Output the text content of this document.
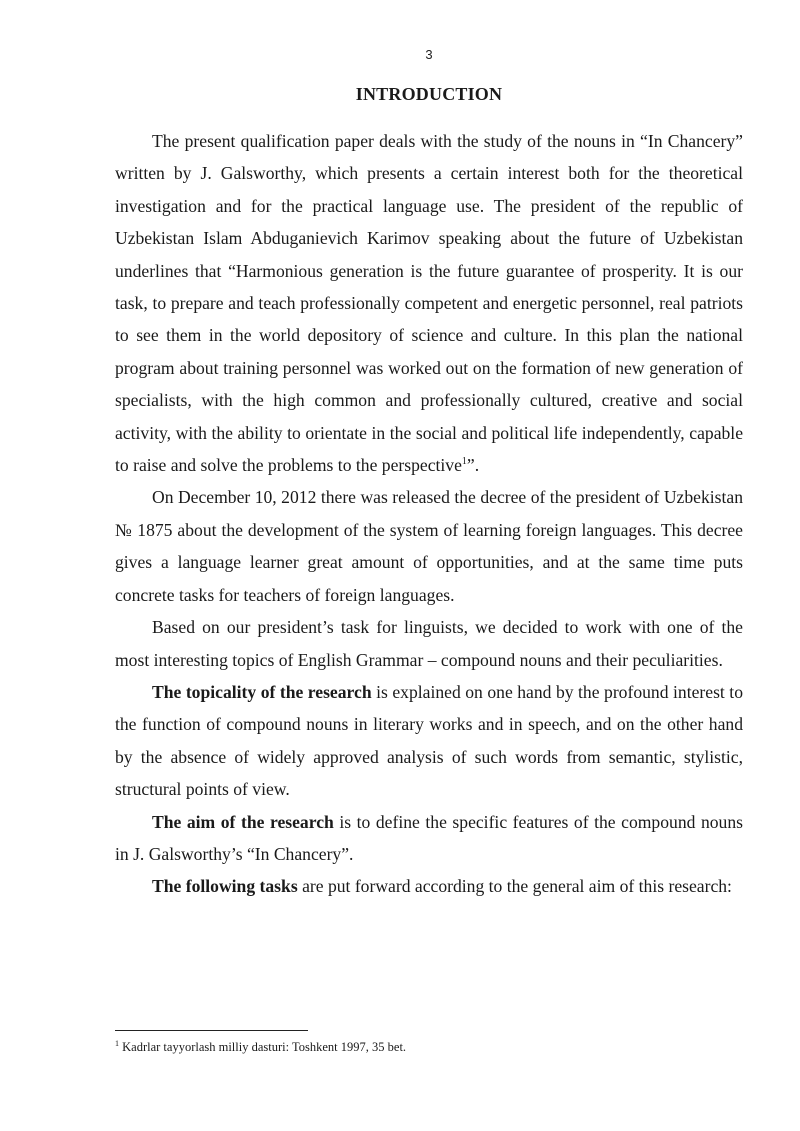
3
INTRODUCTION

The present qualification paper deals with the study of the nouns in “In Chancery” written by J. Galsworthy, which presents a certain interest both for the theoretical investigation and for the practical language use. The president of the republic of Uzbekistan Islam Abduganievich Karimov speaking about the future of Uzbekistan underlines that “Harmonious generation is the future guarantee of prosperity. It is our task, to prepare and teach professionally competent and energetic personnel, real patriots to see them in the world depository of science and culture. In this plan the national program about training personnel was worked out on the formation of new generation of specialists, with the high common and professionally cultured, creative and social activity, with the ability to orientate in the social and political life independently, capable to raise and solve the problems to the perspective$^1$”.

On December 10, 2012 there was released the decree of the president of Uzbekistan № 1875 about the development of the system of learning foreign languages. This decree gives a language learner great amount of opportunities, and at the same time puts concrete tasks for teachers of foreign languages.

Based on our president’s task for linguists, we decided to work with one of the most interesting topics of English Grammar – compound nouns and their peculiarities.

The topicality of the research is explained on one hand by the profound interest to the function of compound nouns in literary works and in speech, and on the other hand by the absence of widely approved analysis of such words from semantic, stylistic, structural points of view.

The aim of the research is to define the specific features of the compound nouns in J. Galsworthy’s “In Chancery”.

The following tasks are put forward according to the general aim of this research:

$^1$ Kadrlar tayyorlash milliy dasturi: Toshkent 1997, 35 bet.
